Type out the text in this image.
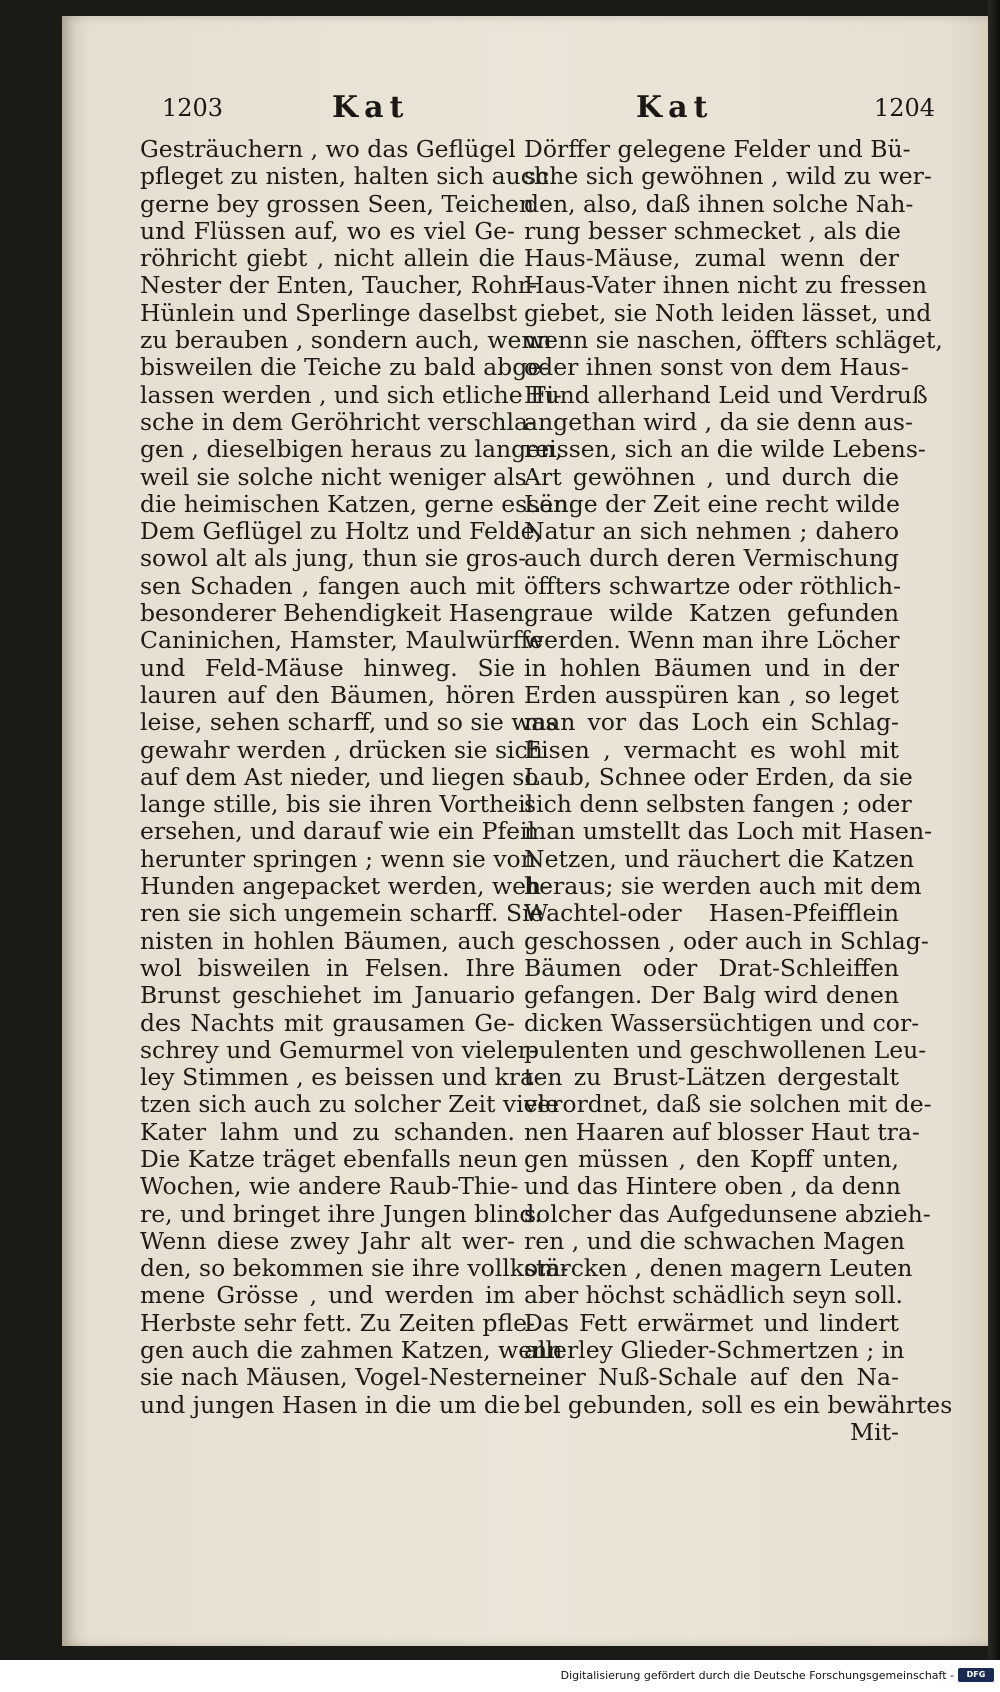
1203	Kat	Kat	1204
Gesträuchern , wo das Geflügel
pfleget zu nisten, halten sich auch
gerne bey grossen Seen, Teichen
und Flüssen auf, wo es viel Ge-
röhricht giebt , nicht allein die
Nester der Enten, Taucher, Rohr-
Hünlein und Sperlinge daselbst
zu berauben , sondern auch, wenn
bisweilen die Teiche zu bald abge-
lassen werden , und sich etliche Fi-
sche in dem Geröhricht verschla-
gen , dieselbigen heraus zu langen,
weil sie solche nicht weniger als
die heimischen Katzen, gerne essen.
Dem Geflügel zu Holtz und Felde,
sowol alt als jung, thun sie gros-
sen Schaden , fangen auch mit
besonderer Behendigkeit Hasen,
Caninichen, Hamster, Maulwürffe
und Feld-Mäuse hinweg. Sie
lauren auf den Bäumen, hören
leise, sehen scharff, und so sie was
gewahr werden , drücken sie sich
auf dem Ast nieder, und liegen so
lange stille, bis sie ihren Vortheil
ersehen, und darauf wie ein Pfeil
herunter springen ; wenn sie von
Hunden angepacket werden, weh-
ren sie sich ungemein scharff. Sie
nisten in hohlen Bäumen, auch
wol bisweilen in Felsen. Ihre
Brunst geschiehet im Januario
des Nachts mit grausamen Ge-
schrey und Gemurmel von vieler-
ley Stimmen , es beissen und kra-
tzen sich auch zu solcher Zeit viele
Kater lahm und zu schanden.
Die Katze träget ebenfalls neun
Wochen, wie andere Raub-Thie-
re, und bringet ihre Jungen blind.
Wenn diese zwey Jahr alt wer-
den, so bekommen sie ihre vollkom-
mene Grösse , und werden im
Herbste sehr fett. Zu Zeiten pfle-
gen auch die zahmen Katzen, wenn
sie nach Mäusen, Vogel-Nestern
und jungen Hasen in die um die
Dörffer gelegene Felder und Bü-
sche sich gewöhnen , wild zu wer-
den, also, daß ihnen solche Nah-
rung besser schmecket , als die
Haus-Mäuse, zumal wenn der
Haus-Vater ihnen nicht zu fressen
giebet, sie Noth leiden lässet, und
wenn sie naschen, öffters schläget,
oder ihnen sonst von dem Haus-
Hund allerhand Leid und Verdruß
angethan wird , da sie denn aus-
reissen, sich an die wilde Lebens-
Art gewöhnen , und durch die
Länge der Zeit eine recht wilde
Natur an sich nehmen ; dahero
auch durch deren Vermischung
öffters schwartze oder röthlich-
graue wilde Katzen gefunden
werden. Wenn man ihre Löcher
in hohlen Bäumen und in der
Erden ausspüren kan , so leget
man vor das Loch ein Schlag-
Eisen , vermacht es wohl mit
Laub, Schnee oder Erden, da sie
sich denn selbsten fangen ; oder
man umstellt das Loch mit Hasen-
Netzen, und räuchert die Katzen
heraus; sie werden auch mit dem
Wachtel-oder Hasen-Pfeifflein
geschossen , oder auch in Schlag-
Bäumen oder Drat-Schleiffen
gefangen. Der Balg wird denen
dicken Wassersüchtigen und cor-
pulenten und geschwollenen Leu-
ten zu Brust-Lätzen dergestalt
verordnet, daß sie solchen mit de-
nen Haaren auf blosser Haut tra-
gen müssen , den Kopff unten,
und das Hintere oben , da denn
solcher das Aufgedunsene abzieh-
ren , und die schwachen Magen
stärcken , denen magern Leuten
aber höchst schädlich seyn soll.
Das Fett erwärmet und lindert
allerley Glieder-Schmertzen ; in
einer Nuß-Schale auf den Na-
bel gebunden, soll es ein bewährtes
Mit-
Digitalisierung gefördert durch die Deutsche Forschungsgemeinschaft -	DFG
